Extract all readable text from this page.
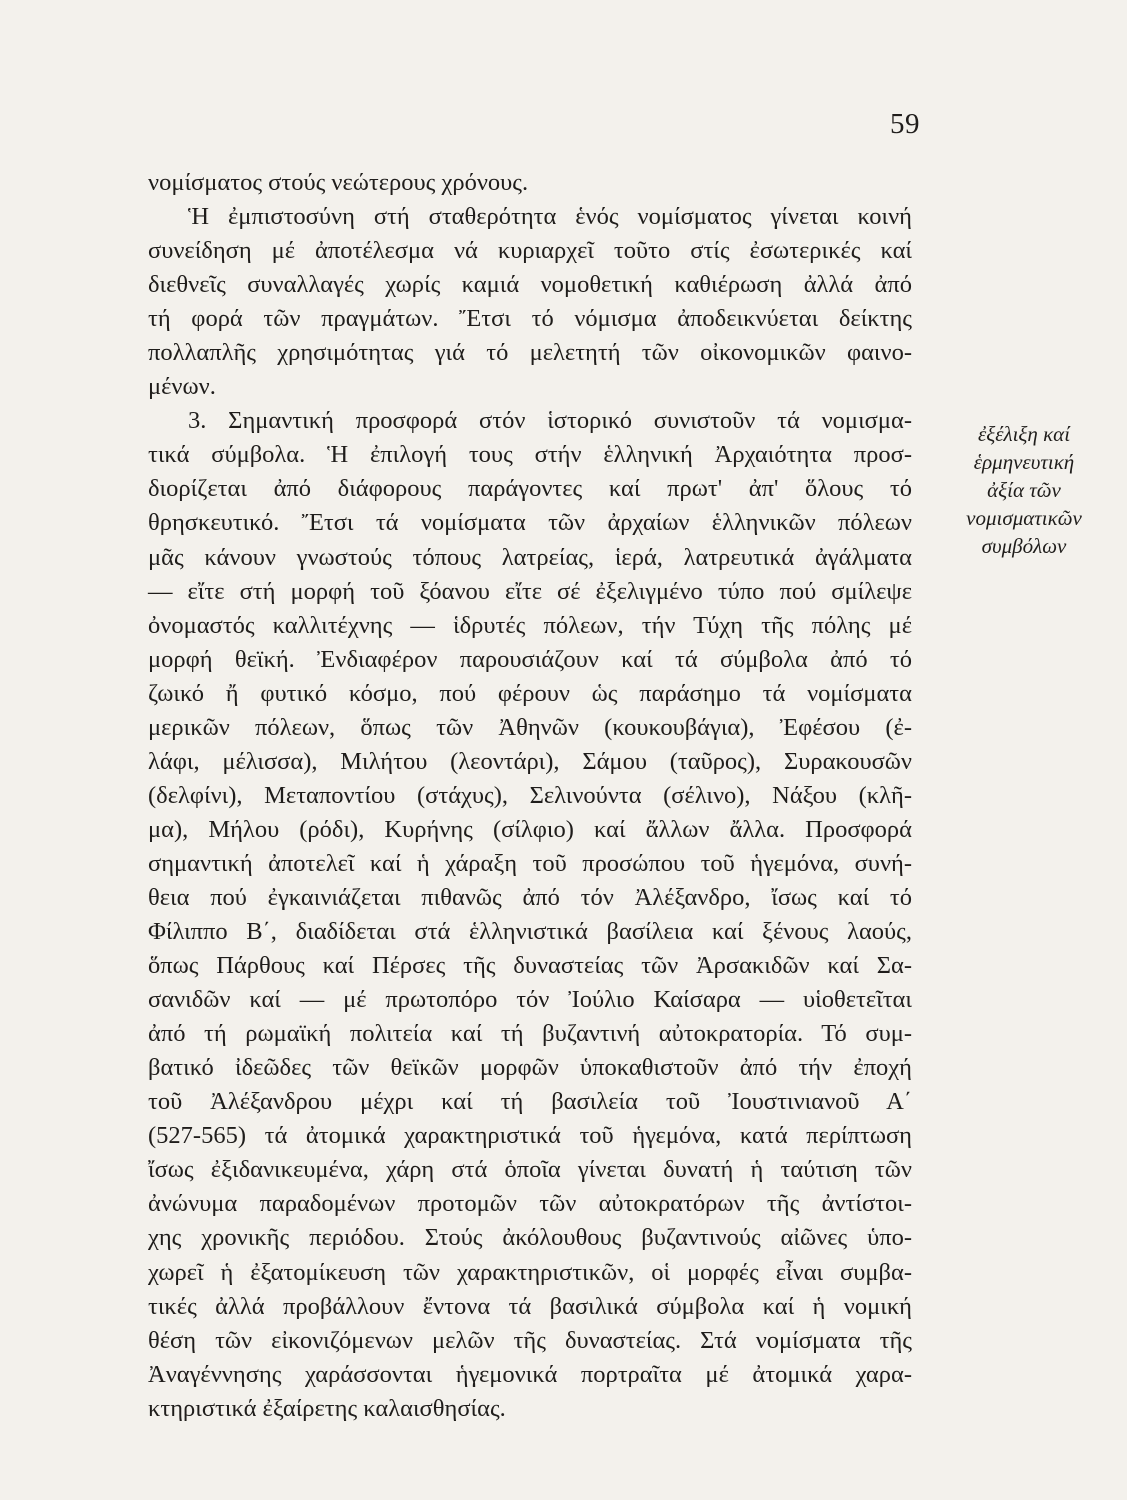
59
νομίσματος στούς νεώτερους χρόνους.
Ἡ ἐμπιστοσύνη στή σταθερότητα ἑνός νομίσματος γίνεται κοινή
συνείδηση μέ ἀποτέλεσμα νά κυριαρχεῖ τοῦτο στίς ἐσωτερικές καί
διεθνεῖς συναλλαγές χωρίς καμιά νομοθετική καθιέρωση ἀλλά ἀπό
τή φορά τῶν πραγμάτων. Ἔτσι τό νόμισμα ἀποδεικνύεται δείκτης
πολλαπλῆς χρησιμότητας γιά τό μελετητή τῶν οἰκονομικῶν φαινο-
μένων.
3. Σημαντική προσφορά στόν ἱστορικό συνιστοῦν τά νομισμα-
τικά σύμβολα. Ἡ ἐπιλογή τους στήν ἑλληνική Ἀρχαιότητα προσ-
διορίζεται ἀπό διάφορους παράγοντες καί πρωτ' ἀπ' ὅλους τό
θρησκευτικό. Ἔτσι τά νομίσματα τῶν ἀρχαίων ἑλληνικῶν πόλεων
μᾶς κάνουν γνωστούς τόπους λατρείας, ἱερά, λατρευτικά ἀγάλματα
— εἴτε στή μορφή τοῦ ξόανου εἴτε σέ ἐξελιγμένο τύπο πού σμίλεψε
ὀνομαστός καλλιτέχνης — ἱδρυτές πόλεων, τήν Τύχη τῆς πόλης μέ
μορφή θεϊκή. Ἐνδιαφέρον παρουσιάζουν καί τά σύμβολα ἀπό τό
ζωικό ἤ φυτικό κόσμο, πού φέρουν ὡς παράσημο τά νομίσματα
μερικῶν πόλεων, ὅπως τῶν Ἀθηνῶν (κουκουβάγια), Ἐφέσου (ἐ-
λάφι, μέλισσα), Μιλήτου (λεοντάρι), Σάμου (ταῦρος), Συρακουσῶν
(δελφίνι), Μεταποντίου (στάχυς), Σελινούντα (σέλινο), Νάξου (κλῆ-
μα), Μήλου (ρόδι), Κυρήνης (σίλφιο) καί ἄλλων ἄλλα. Προσφορά
σημαντική ἀποτελεῖ καί ἡ χάραξη τοῦ προσώπου τοῦ ἡγεμόνα, συνή-
θεια πού ἐγκαινιάζεται πιθανῶς ἀπό τόν Ἀλέξανδρο, ἴσως καί τό
Φίλιππο Β΄, διαδίδεται στά ἑλληνιστικά βασίλεια καί ξένους λαούς,
ὅπως Πάρθους καί Πέρσες τῆς δυναστείας τῶν Ἀρσακιδῶν καί Σα-
σανιδῶν καί — μέ πρωτοπόρο τόν Ἰούλιο Καίσαρα — υἱοθετεῖται
ἀπό τή ρωμαϊκή πολιτεία καί τή βυζαντινή αὐτοκρατορία. Τό συμ-
βατικό ἰδεῶδες τῶν θεϊκῶν μορφῶν ὑποκαθιστοῦν ἀπό τήν ἐποχή
τοῦ Ἀλέξανδρου μέχρι καί τή βασιλεία τοῦ Ἰουστινιανοῦ Α΄
(527-565) τά ἀτομικά χαρακτηριστικά τοῦ ἡγεμόνα, κατά περίπτωση
ἴσως ἐξιδανικευμένα, χάρη στά ὁποῖα γίνεται δυνατή ἡ ταύτιση τῶν
ἀνώνυμα παραδομένων προτομῶν τῶν αὐτοκρατόρων τῆς ἀντίστοι-
χης χρονικῆς περιόδου. Στούς ἀκόλουθους βυζαντινούς αἰῶνες ὑπο-
χωρεῖ ἡ ἐξατομίκευση τῶν χαρακτηριστικῶν, οἱ μορφές εἶναι συμβα-
τικές ἀλλά προβάλλουν ἔντονα τά βασιλικά σύμβολα καί ἡ νομική
θέση τῶν εἰκονιζόμενων μελῶν τῆς δυναστείας. Στά νομίσματα τῆς
Ἀναγέννησης χαράσσονται ἡγεμονικά πορτραῖτα μέ ἀτομικά χαρα-
κτηριστικά ἐξαίρετης καλαισθησίας.
ἐξέλιξη καί
ἑρμηνευτική
ἀξία τῶν
νομισματικῶν
συμβόλων
